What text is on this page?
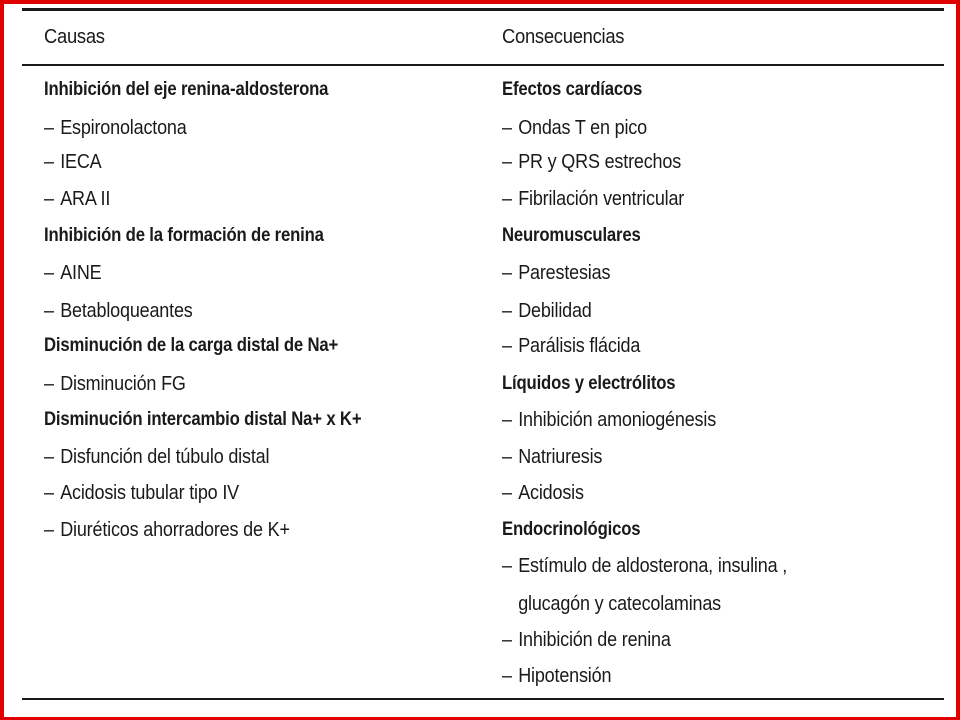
Causas
Inhibición del eje renina-aldosterona
– Espironolactona
– IECA
– ARA II
Inhibición de la formación de renina
– AINE
– Betabloqueantes
Disminución de la carga distal de Na+
– Disminución FG
Disminución intercambio distal Na+ x K+
– Disfunción del túbulo distal
– Acidosis tubular tipo IV
– Diuréticos ahorradores de K+
Consecuencias
Efectos cardíacos
– Ondas T en pico
– PR y QRS estrechos
– Fibrilación ventricular
Neuromusculares
– Parestesias
– Debilidad
– Parálisis flácida
Líquidos y electrólitos
– Inhibición amoniogénesis
– Natriuresis
– Acidosis
Endocrinológicos
– Estímulo de aldosterona, insulina ,
glucagón y catecolaminas
– Inhibición de renina
– Hipotensión
